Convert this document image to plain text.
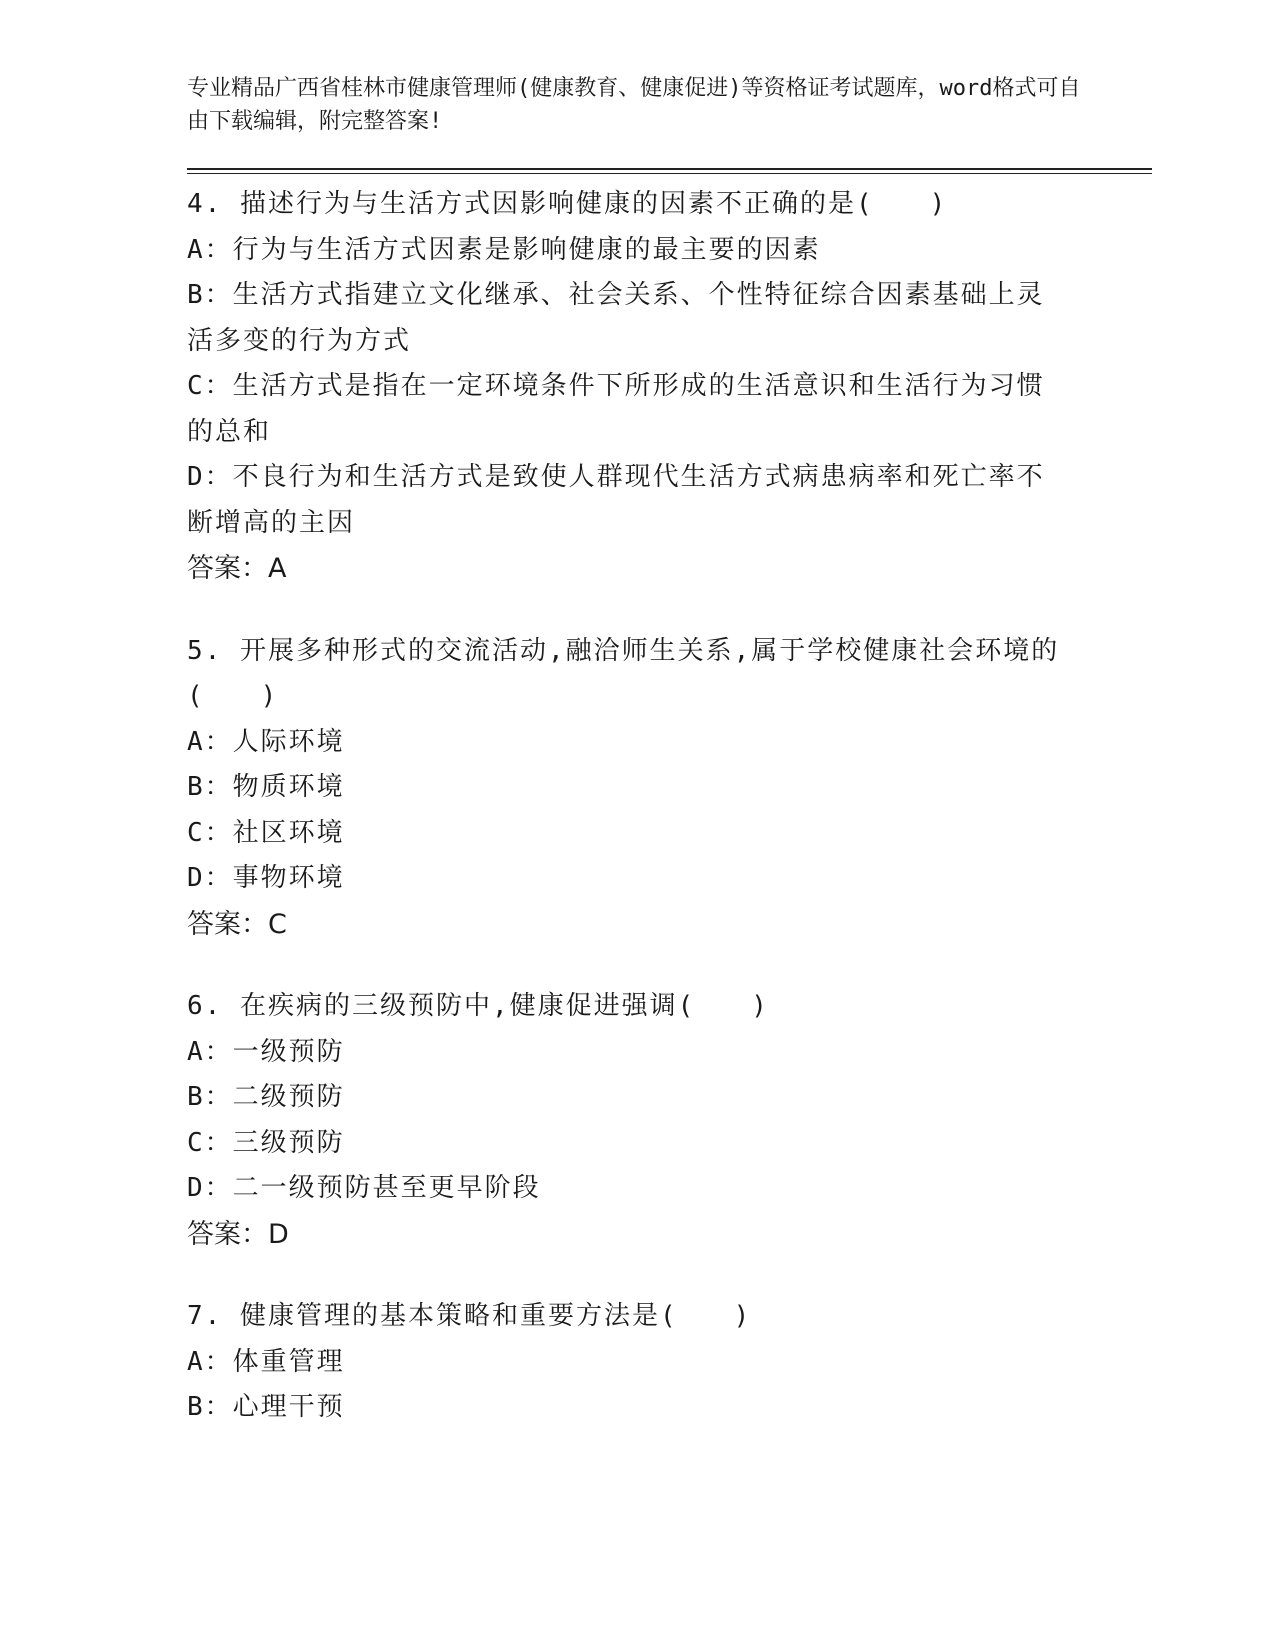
专业精品广西省桂林市健康管理师(健康教育、健康促进)等资格证考试题库，word格式可自由下载编辑，附完整答案!

4. 描述行为与生活方式因影响健康的因素不正确的是(　　)

A：行为与生活方式因素是影响健康的最主要的因素

B：生活方式指建立文化继承、社会关系、个性特征综合因素基础上灵活多变的行为方式

C：生活方式是指在一定环境条件下所形成的生活意识和生活行为习惯的总和

D：不良行为和生活方式是致使人群现代生活方式病患病率和死亡率不断增高的主因

答案：A

5. 开展多种形式的交流活动,融洽师生关系,属于学校健康社会环境的(　　)

A：人际环境

B：物质环境

C：社区环境

D：事物环境

答案：C

6. 在疾病的三级预防中,健康促进强调(　　)

A：一级预防

B：二级预防

C：三级预防

D：二一级预防甚至更早阶段

答案：D

7. 健康管理的基本策略和重要方法是(　　)

A：体重管理

B：心理干预
